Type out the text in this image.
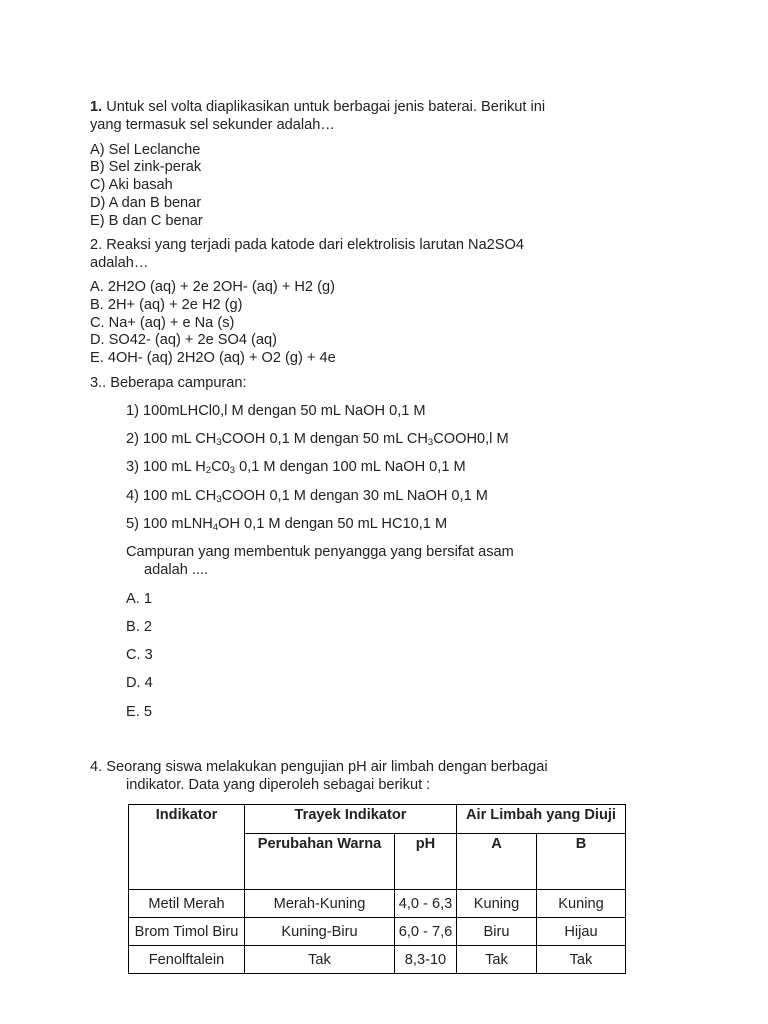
1. Untuk sel volta diaplikasikan untuk berbagai jenis baterai. Berikut ini
yang termasuk sel sekunder adalah…
A) Sel Leclanche
B) Sel zink-perak
C) Aki basah
D) A dan B benar
E) B dan C benar
2. Reaksi yang terjadi pada katode dari elektrolisis larutan Na2SO4
adalah…
A. 2H2O (aq) + 2e 2OH- (aq) + H2 (g)
B. 2H+ (aq) + 2e H2 (g)
C. Na+ (aq) + e Na (s)
D. SO42- (aq) + 2e SO4 (aq)
E. 4OH- (aq) 2H2O (aq) + O2 (g) + 4e
3.. Beberapa campuran:
1) 100mLHCl0,l M dengan 50 mL NaOH 0,1 M
2) 100 mL $CH_3COOH$ 0,1 M dengan 50 mL $CH_3COOH0,l$ M
3) 100 mL $H_2C0_3$ 0,1 M dengan 100 mL NaOH 0,1 M
4) 100 mL $CH_3COOH$ 0,1 M dengan 30 mL NaOH 0,1 M
5) 100 mLNH$_4$OH 0,1 M dengan 50 mL HC10,1 M
Campuran yang membentuk penyangga yang bersifat asam
adalah ....
A. 1
B. 2
C. 3
D. 4
E. 5
4. Seorang siswa melakukan pengujian pH air limbah dengan berbagai
indikator. Data yang diperoleh sebagai berikut :
Indikator	Trayek Indikator		Air Limbah yang Diuji	
	Perubahan Warna	pH	A	B
Metil Merah	Merah-Kuning	4,0 - 6,3	Kuning	Kuning
Brom Timol Biru	Kuning-Biru	6,0 - 7,6	Biru	Hijau
Fenolftalein	Tak	8,3-10	Tak	Tak
